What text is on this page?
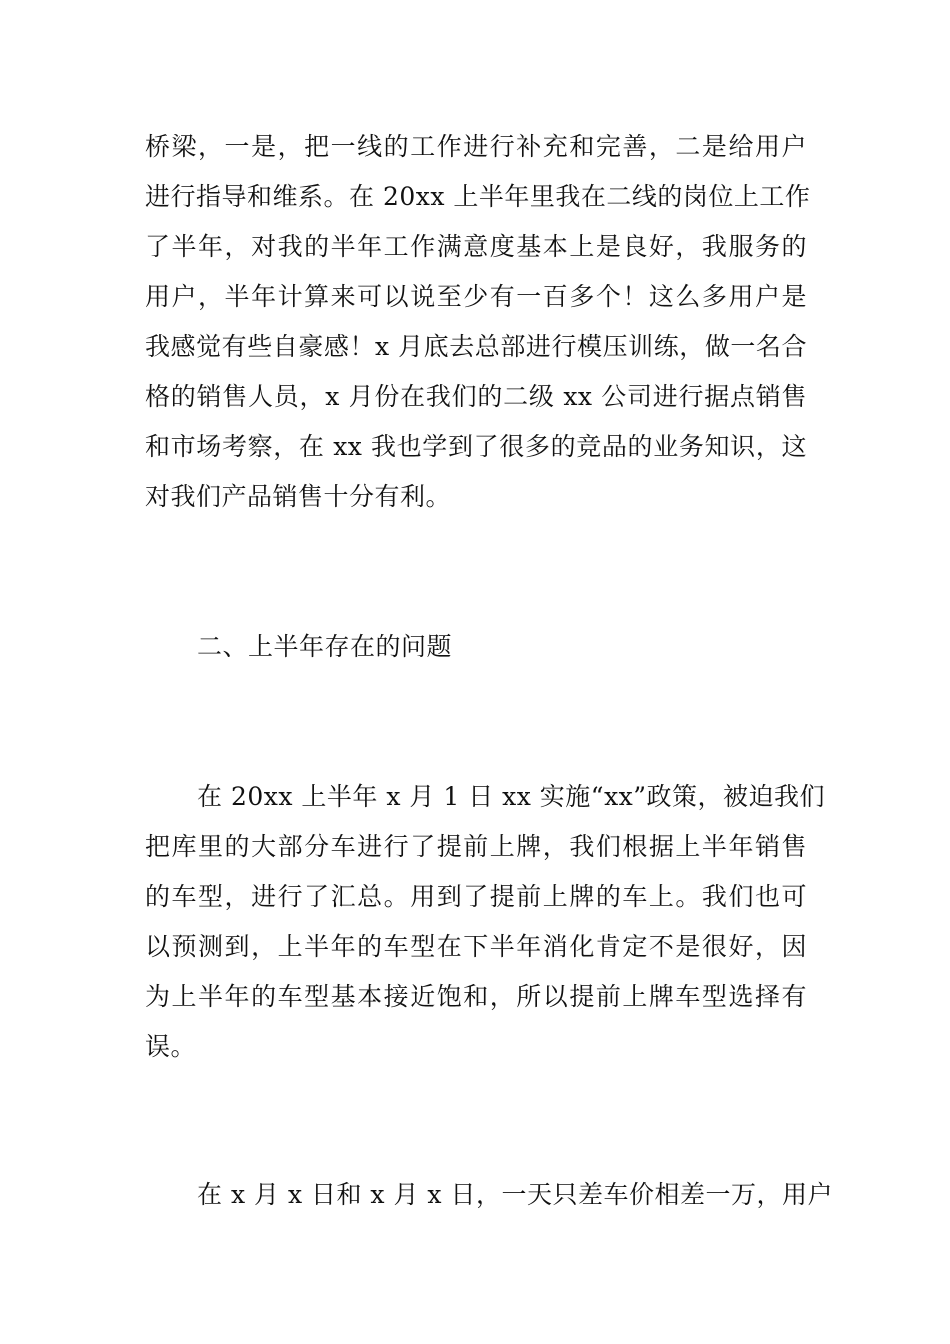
桥梁，一是，把一线的工作进行补充和完善，二是给用户
进行指导和维系。在 20xx 上半年里我在二线的岗位上工作
了半年，对我的半年工作满意度基本上是良好，我服务的
用户，半年计算来可以说至少有一百多个！这么多用户是
我感觉有些自豪感！x 月底去总部进行模压训练，做一名合
格的销售人员，x 月份在我们的二级 xx 公司进行据点销售
和市场考察，在 xx 我也学到了很多的竞品的业务知识，这
对我们产品销售十分有利。
二、上半年存在的问题
在 20xx 上半年 x 月 1 日 xx 实施“xx”政策，被迫我们
把库里的大部分车进行了提前上牌，我们根据上半年销售
的车型，进行了汇总。用到了提前上牌的车上。我们也可
以预测到，上半年的车型在下半年消化肯定不是很好，因
为上半年的车型基本接近饱和，所以提前上牌车型选择有
误。
在 x 月 x 日和 x 月 x 日，一天只差车价相差一万，用户
